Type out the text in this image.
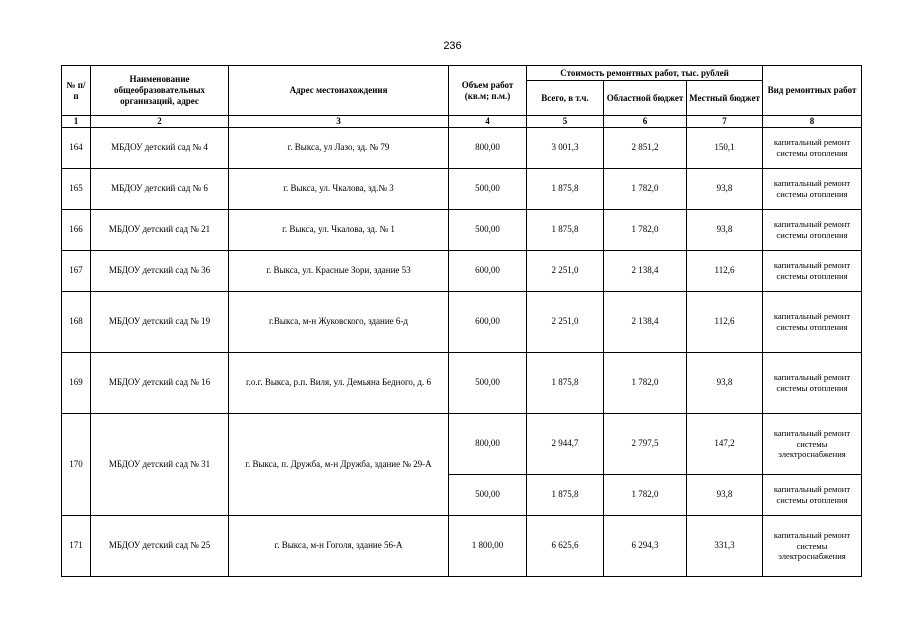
236
№ п/п	Наименование общеобразовательных организаций, адрес	Адрес местонахождения	Объем работ (кв.м; п.м.)	Стоимость ремонтных работ, тыс. рублей			Вид ремонтных работ
				Всего, в т.ч.	Областной бюджет	Местный бюджет	
1	2	3	4	5	6	7	8
164	МБДОУ детский сад № 4	г. Выкса, ул Лазо, зд. № 79	800,00	3 001,3	2 851,2	150,1	капитальный ремонт системы отопления
165	МБДОУ детский сад № 6	г. Выкса, ул. Чкалова, зд.№ 3	500,00	1 875,8	1 782,0	93,8	капитальный ремонт системы отопления
166	МБДОУ детский сад № 21	г. Выкса, ул. Чкалова, зд. № 1	500,00	1 875,8	1 782,0	93,8	капитальный ремонт системы отопления
167	МБДОУ детский сад № 36	г. Выкса, ул. Красные Зори, здание 53	600,00	2 251,0	2 138,4	112,6	капитальный ремонт системы отопления
168	МБДОУ детский сад № 19	г.Выкса, м-н Жуковского, здание 6-д	600,00	2 251,0	2 138,4	112,6	капитальный ремонт системы отопления
169	МБДОУ детский сад № 16	г.о.г. Выкса, р.п. Виля, ул. Демьяна Бедного, д. 6	500,00	1 875,8	1 782,0	93,8	капитальный ремонт системы отопления
170	МБДОУ детский сад № 31	г. Выкса, п. Дружба, м-н Дружба, здание № 29-А	800,00	2 944,7	2 797,5	147,2	капитальный ремонт системы электроснабжения
			500,00	1 875,8	1 782,0	93,8	капитальный ремонт системы отопления
171	МБДОУ детский сад № 25	г. Выкса, м-н Гоголя, здание 56-А	1 800,00	6 625,6	6 294,3	331,3	капитальный ремонт системы электроснабжения
